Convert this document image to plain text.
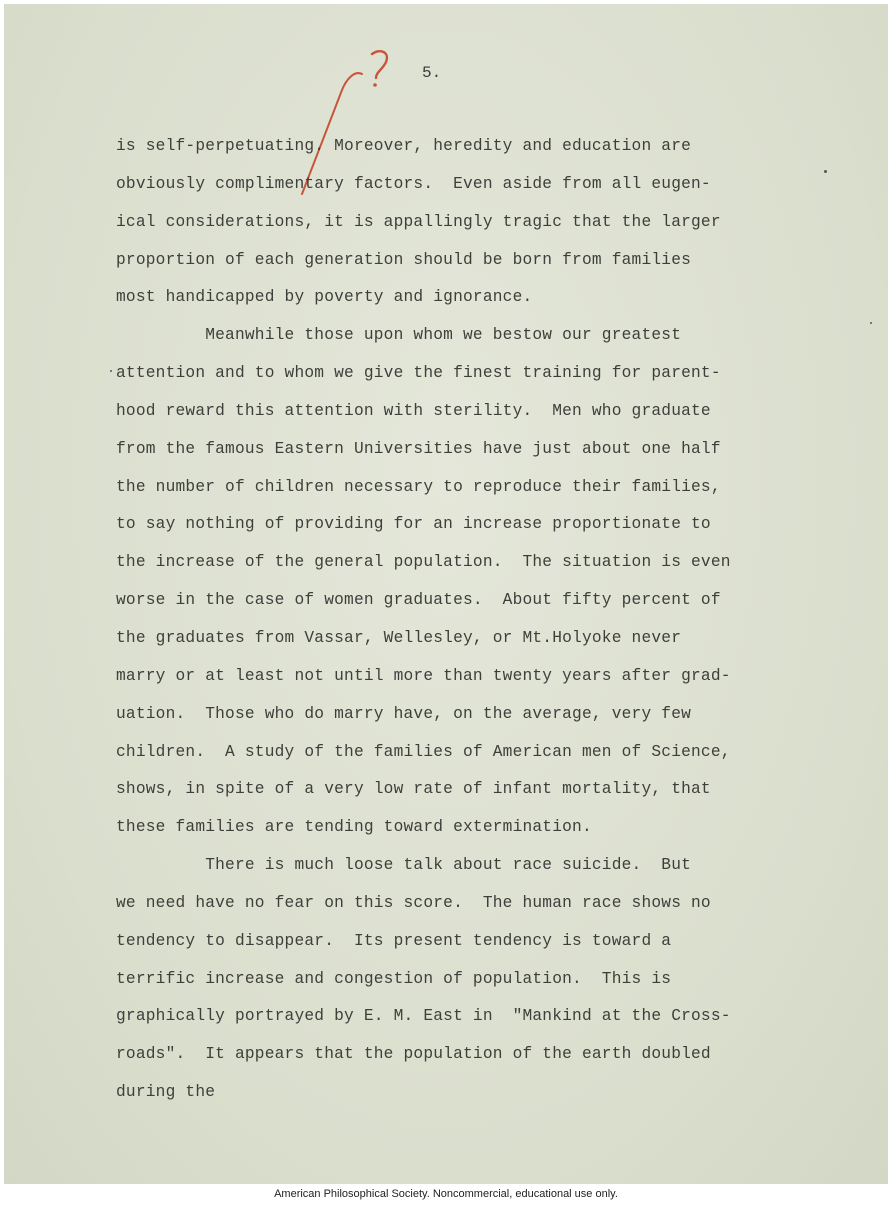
5.
is self-perpetuating. Moreover, heredity and education are
obviously complimentary factors.  Even aside from all eugen-
ical considerations, it is appallingly tragic that the larger
proportion of each generation should be born from families
most handicapped by poverty and ignorance.
Meanwhile those upon whom we bestow our greatest
attention and to whom we give the finest training for parent-
hood reward this attention with sterility.  Men who graduate
from the famous Eastern Universities have just about one half
the number of children necessary to reproduce their families,
to say nothing of providing for an increase proportionate to
the increase of the general population.  The situation is even
worse in the case of women graduates.  About fifty percent of
the graduates from Vassar, Wellesley, or Mt.Holyoke never
marry or at least not until more than twenty years after grad-
uation.  Those who do marry have, on the average, very few
children.  A study of the families of American men of Science,
shows, in spite of a very low rate of infant mortality, that
these families are tending toward extermination.
There is much loose talk about race suicide.  But
we need have no fear on this score.  The human race shows no
tendency to disappear.  Its present tendency is toward a
terrific increase and congestion of population.  This is
graphically portrayed by E. M. East in  "Mankind at the Cross-
roads".  It appears that the population of the earth doubled
during the
American Philosophical Society. Noncommercial, educational use only.
